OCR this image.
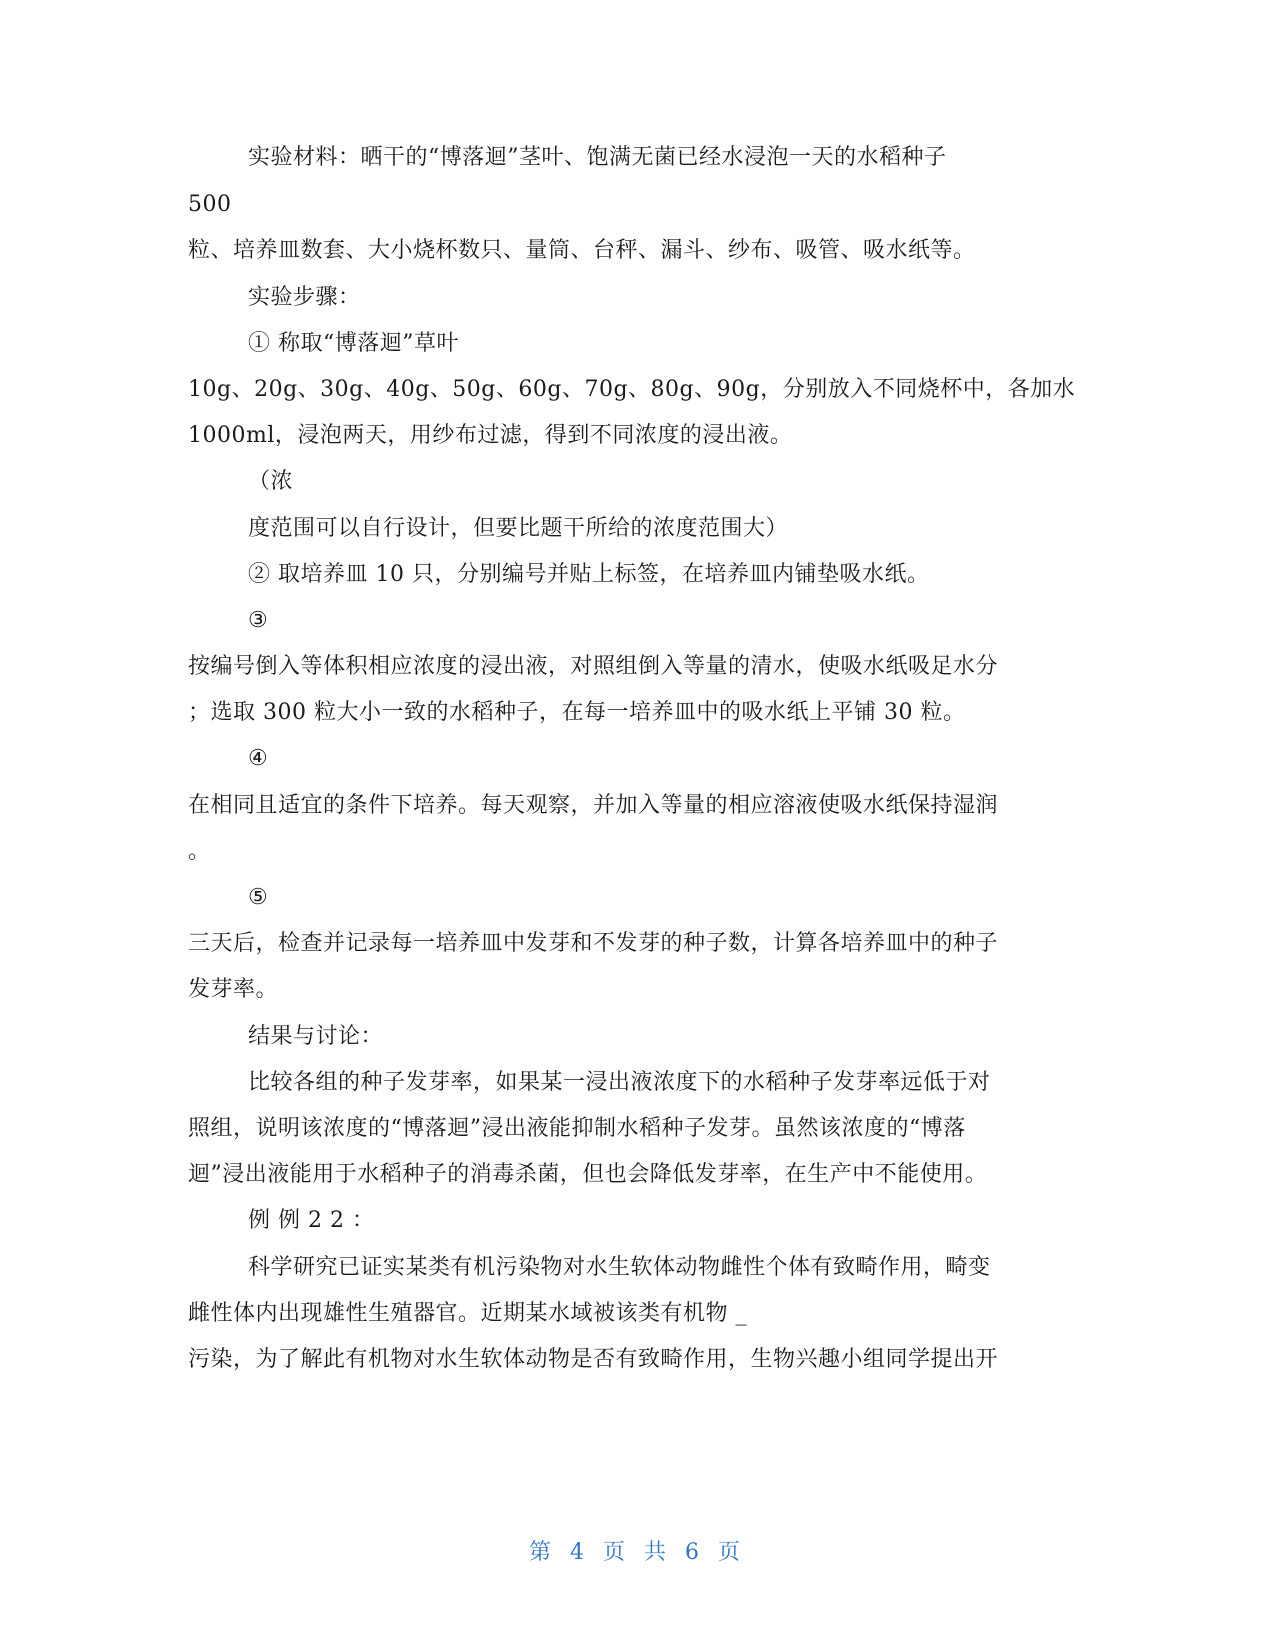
实验材料：晒干的“博落迴”茎叶、饱满无菌已经水浸泡一天的水稻种子
500
粒、培养皿数套、大小烧杯数只、量筒、台秤、漏斗、纱布、吸管、吸水纸等。
实验步骤：
① 称取“博落迴”草叶
10g、20g、30g、40g、50g、60g、70g、80g、90g，分别放入不同烧杯中，各加水
1000ml，浸泡两天，用纱布过滤，得到不同浓度的浸出液。
（浓
度范围可以自行设计，但要比题干所给的浓度范围大）
② 取培养皿 10 只，分别编号并贴上标签，在培养皿内铺垫吸水纸。
③
按编号倒入等体积相应浓度的浸出液，对照组倒入等量的清水，使吸水纸吸足水分
；选取 300 粒大小一致的水稻种子，在每一培养皿中的吸水纸上平铺 30 粒。
④
在相同且适宜的条件下培养。每天观察，并加入等量的相应溶液使吸水纸保持湿润
。
⑤
三天后，检查并记录每一培养皿中发芽和不发芽的种子数，计算各培养皿中的种子
发芽率。
结果与讨论：
比较各组的种子发芽率，如果某一浸出液浓度下的水稻种子发芽率远低于对
照组，说明该浓度的“博落迴”浸出液能抑制水稻种子发芽。虽然该浓度的“博落
迴”浸出液能用于水稻种子的消毒杀菌，但也会降低发芽率，在生产中不能使用。
例例22：
科学研究已证实某类有机污染物对水生软体动物雌性个体有致畸作用，畸变
雌性体内出现雄性生殖器官。近期某水域被该类有机物 _
污染，为了解此有机物对水生软体动物是否有致畸作用，生物兴趣小组同学提出开
第 4 页 共 6 页
